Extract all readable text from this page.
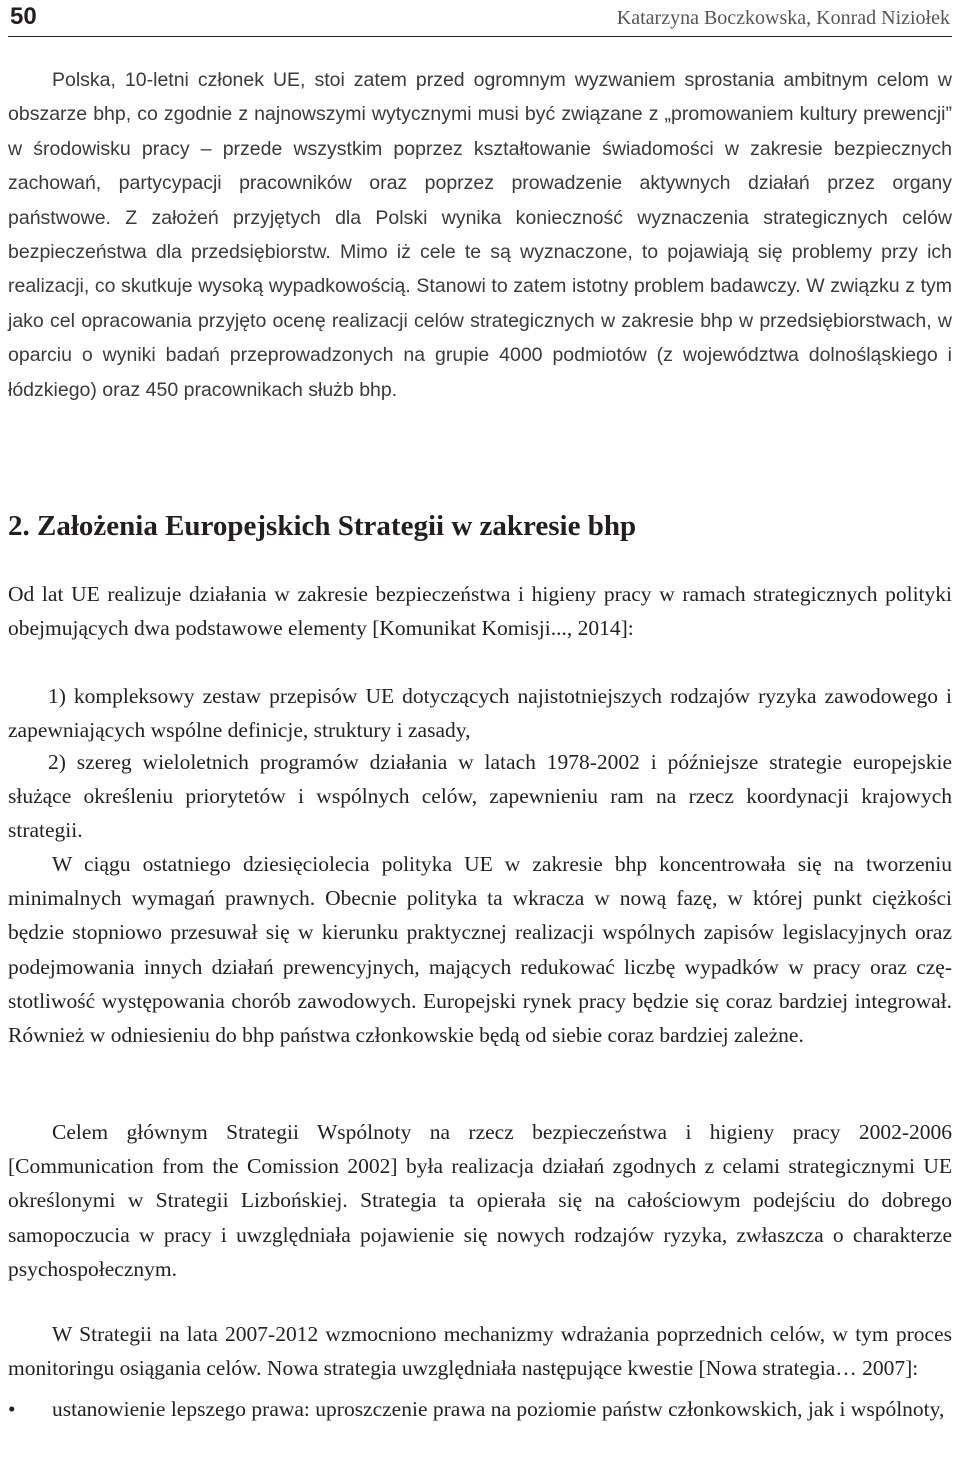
50	Katarzyna Boczkowska, Konrad Niziołek

Polska, 10-letni członek UE, stoi zatem przed ogromnym wyzwaniem sprostania ambitnym celom w obszarze bhp, co zgodnie z najnowszymi wytycznymi musi być związane z „promowaniem kultury prewencji” w środowisku pracy – przede wszystkim poprzez kształtowanie świadomości w zakresie bezpiecznych zachowań, partycypacji pracowników oraz poprzez prowadzenie aktywnych działań przez organy państwowe. Z założeń przyjętych dla Polski wynika konieczność wyznaczenia strategicznych celów bezpieczeństwa dla przedsiębiorstw. Mimo iż cele te są wyznaczone, to pojawiają się problemy przy ich realizacji, co skutkuje wysoką wypadkowością. Stanowi to zatem istotny problem badawczy. W związku z tym jako cel opracowania przyjęto ocenę realizacji celów strategicznych w zakresie bhp w przedsiębiorstwach, w oparciu o wyniki badań przeprowadzonych na grupie 4000 podmiotów (z województwa dolnośląskiego i łódzkiego) oraz 450 pracownikach służb bhp.

2. Założenia Europejskich Strategii w zakresie bhp

Od lat UE realizuje działania w zakresie bezpieczeństwa i higieny pracy w ramach strategicznych polityki obejmujących dwa podstawowe elementy [Komunikat Komisji..., 2014]:

1) kompleksowy zestaw przepisów UE dotyczących najistotniejszych rodzajów ryzyka zawodowego i zapewniających wspólne definicje, struktury i zasady,

2) szereg wieloletnich programów działania w latach 1978-2002 i późniejsze strategie europejskie służące określeniu priorytetów i wspólnych celów, zapewnieniu ram na rzecz koordynacji krajowych strategii.

W ciągu ostatniego dziesięciolecia polityka UE w zakresie bhp koncentrowała się na tworzeniu minimalnych wymagań prawnych. Obecnie polityka ta wkracza w nową fazę, w której punkt ciężkości będzie stopniowo przesuwał się w kierunku praktycznej realizacji wspólnych zapisów legislacyjnych oraz podejmowania innych działań prewencyjnych, mających redukować liczbę wypadków w pracy oraz częstotliwość występowania chorób zawodowych. Europejski rynek pracy będzie się coraz bardziej integrował. Również w odniesieniu do bhp państwa członkowskie będą od siebie coraz bardziej zależne.

Celem głównym Strategii Wspólnoty na rzecz bezpieczeństwa i higieny pracy 2002-2006 [Communication from the Comission 2002] była realizacja działań zgodnych z celami strategicznymi UE określonymi w Strategii Lizbońskiej. Strategia ta opierała się na całościowym podejściu do dobrego samopoczucia w pracy i uwzględniała pojawienie się nowych rodzajów ryzyka, zwłaszcza o charakterze psychospołecznym.

W Strategii na lata 2007-2012 wzmocniono mechanizmy wdrażania poprzednich celów, w tym proces monitoringu osiągania celów. Nowa strategia uwzględniała następujące kwestie [Nowa strategia… 2007]:

•	ustanowienie lepszego prawa: uproszczenie prawa na poziomie państw członkowskich, jak i wspólnoty,
